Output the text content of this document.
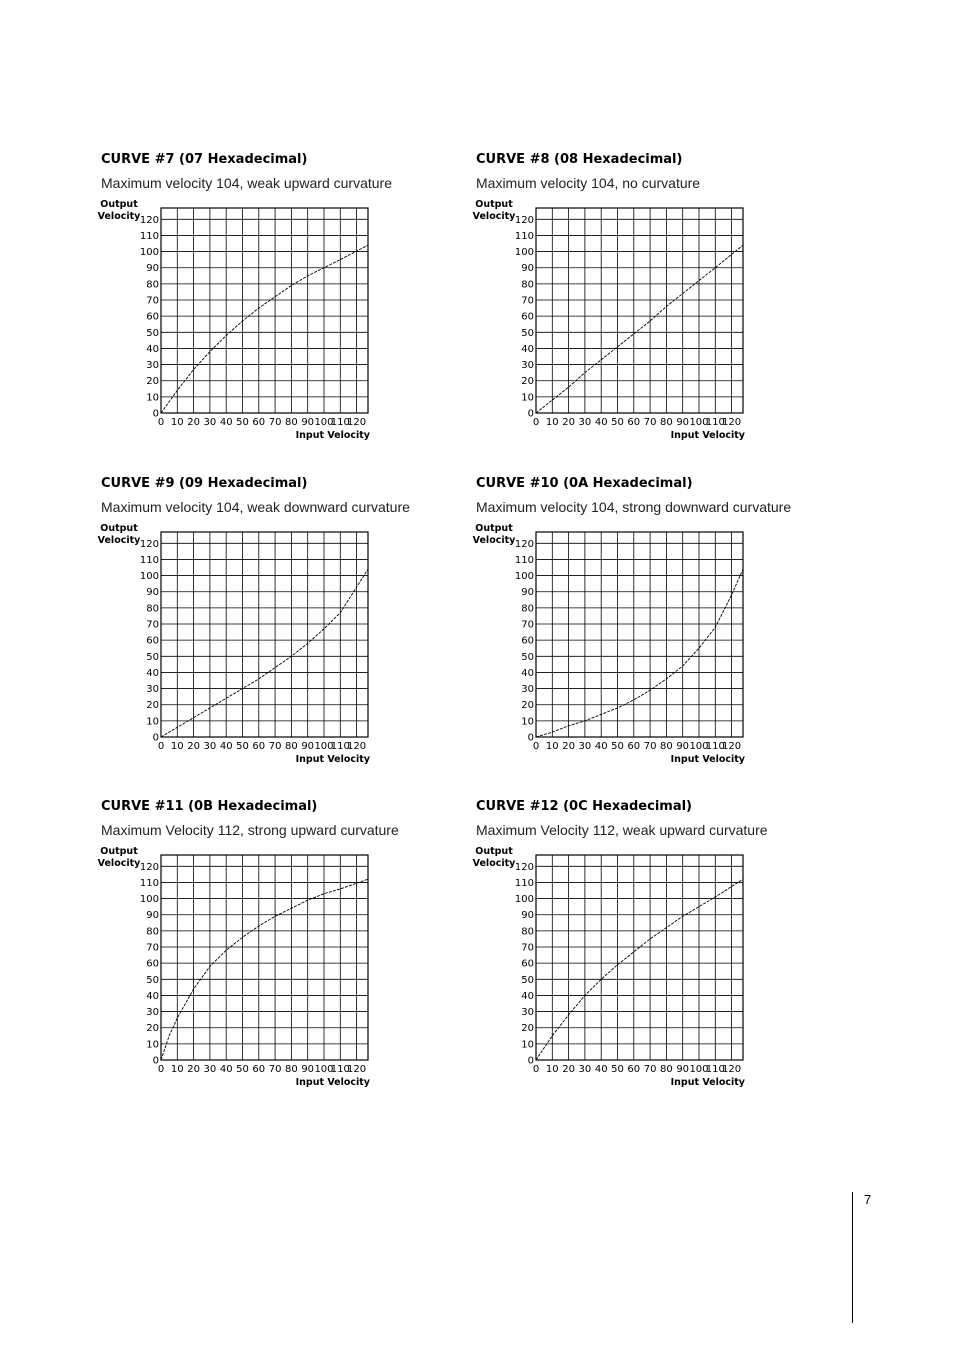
CURVE #7 (07 Hexadecimal)
Maximum velocity 104, weak upward curvature
0
10
20
30
40
50
60
70
80
90
100
110
120
0 10 20 30 40 50 60 70 80 90 100
110
120
Output
Velocity
Input Velocity
CURVE #8 (08 Hexadecimal)
Maximum velocity 104, no curvature
0
10
20
30
40
50
60
70
80
90
100
110
120
0 10 20 30 40 50 60 70 80 90 100
110
120
Output
Velocity
Input Velocity
CURVE #9 (09 Hexadecimal)
Maximum velocity 104, weak downward curvature
0
10
20
30
40
50
60
70
80
90
100
110
120
0 10 20 30 40 50 60 70 80 90 100
110
120
Output
Velocity
Input Velocity
CURVE #10 (0A Hexadecimal)
Maximum velocity 104, strong downward curvature
0
10
20
30
40
50
60
70
80
90
100
110
120
0 10 20 30 40 50 60 70 80 90 100
110
120
Output
Velocity
Input Velocity
CURVE #11 (0B Hexadecimal)
Maximum Velocity 112, strong upward curvature
0
10
20
30
40
50
60
70
80
90
100
110
120
0 10 20 30 40 50 60 70 80 90 100
110
120
Output
Velocity
Input Velocity
CURVE #12 (0C Hexadecimal)
Maximum Velocity 112, weak upward curvature
0
10
20
30
40
50
60
70
80
90
100
110
120
0 10 20 30 40 50 60 70 80 90 100
110
120
Output
Velocity
Input Velocity
7
